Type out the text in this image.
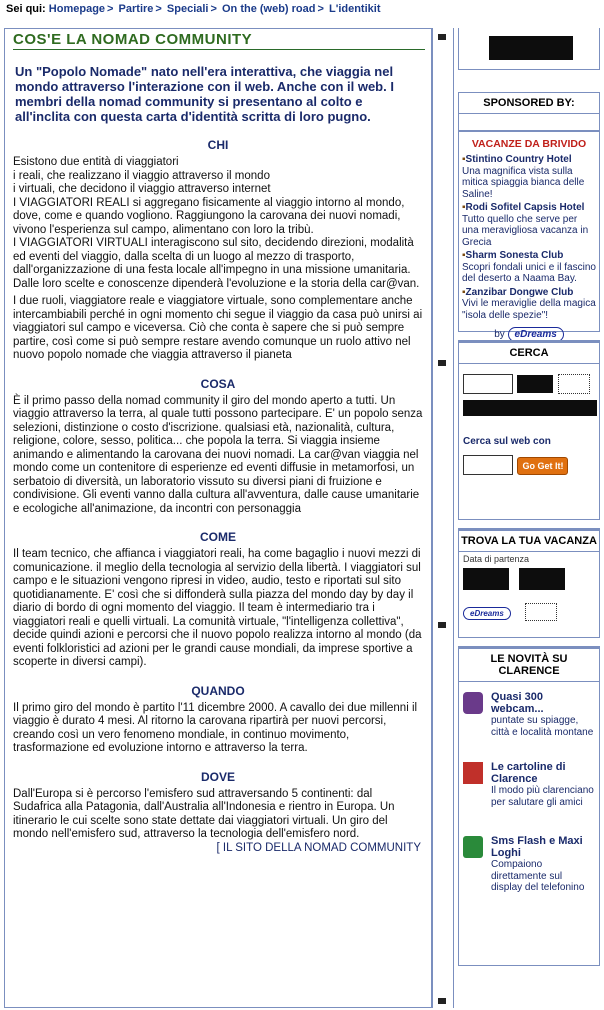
Sei qui: Homepage > Partire > Speciali > On the (web) road > L'identikit
COS'E LA NOMAD COMMUNITY
Un "Popolo Nomade" nato nell'era interattiva, che viaggia nel mondo attraverso l'interazione con il web. Anche con il web. I membri della nomad community si presentano al colto e all'inclita con questa carta d'identità scritta di loro pugno.
CHI

Esistono due entità di viaggiatori

i reali, che realizzano il viaggio attraverso il mondo

i virtuali, che decidono il viaggio attraverso internet

I VIAGGIATORI REALI si aggregano fisicamente al viaggio intorno al mondo, dove, come e quando vogliono. Raggiungono la carovana dei nuovi nomadi, vivono l'esperienza sul campo, alimentano con loro la tribù.

I VIAGGIATORI VIRTUALI interagiscono sul sito, decidendo direzioni, modalità ed eventi del viaggio, dalla scelta di un luogo al mezzo di trasporto, dall'organizzazione di una festa locale all'impegno in una missione umanitaria. Dalle loro scelte e conoscenze dipenderà l'evoluzione e la storia della car@van.

I due ruoli, viaggiatore reale e viaggiatore virtuale, sono complementare anche intercambiabili perché in ogni momento chi segue il viaggio da casa può unirsi ai viaggiatori sul campo e viceversa. Ciò che conta è sapere che si può sempre partire, così come si può sempre restare avendo comunque un ruolo attivo nel nuovo popolo nomade che viaggia attraverso il pianeta

COSA

È il primo passo della nomad community il giro del mondo aperto a tutti. Un viaggio attraverso la terra, al quale tutti possono partecipare. E' un popolo senza selezioni, distinzione o costo d'iscrizione. qualsiasi età, nazionalità, cultura, religione, colore, sesso, politica... che popola la terra. Si viaggia insieme animando e alimentando la carovana dei nuovi nomadi. La car@van viaggia nel mondo come un contenitore di esperienze ed eventi diffusie in metamorfosi, un serbatoio di diversità, un laboratorio vissuto su diversi piani di fruizione e condivisione. Gli eventi vanno dalla cultura all'avventura, dalle cause umanitarie e ecologiche all'animazione, da incontri con personaggia

COME

Il team tecnico, che affianca i viaggiatori reali, ha come bagaglio i nuovi mezzi di comunicazione. il meglio della tecnologia al servizio della libertà. I viaggiatori sul campo e le situazioni vengono ripresi in video, audio, testo e riportati sul sito quotidianamente. E' così che si diffonderà sulla piazza del mondo day by day il diario di bordo di ogni momento del viaggio. Il team è intermediario tra i viaggiatori reali e quelli virtuali. La comunità virtuale, "l'intelligenza collettiva", decide quindi azioni e percorsi che il nuovo popolo realizza intorno al mondo (da eventi folkloristici ad azioni per le grandi cause mondiali, da imprese sportive a scoperte in diversi campi).

QUANDO

Il primo giro del mondo è partito l'11 dicembre 2000. A cavallo dei due millenni il viaggio è durato 4 mesi. Al ritorno la carovana ripartirà per nuovi percorsi, creando così un vero fenomeno mondiale, in continuo movimento, trasformazione ed evoluzione intorno e attraverso la terra.

DOVE

Dall'Europa si è percorso l'emisfero sud attraversando 5 continenti: dal Sudafrica alla Patagonia, dall'Australia all'Indonesia e rientro in Europa. Un itinerario le cui scelte sono state dettate dai viaggiatori virtuali. Un giro del mondo nell'emisfero sud, attraverso la tecnologia dell'emisfero nord.

[ IL SITO DELLA NOMAD COMMUNITY
SPONSORED BY:
VACANZE DA BRIVIDO
▪Stintino Country Hotel
Una magnifica vista sulla mitica spiaggia bianca delle Saline!
▪Rodi Sofitel Capsis Hotel
Tutto quello che serve per una meravigliosa vacanza in Grecia
▪Sharm Sonesta Club
Scopri fondali unici e il fascino del deserto a Naama Bay.
▪Zanzibar Dongwe Club
Vivi le meraviglie della magica "isola delle spezie"!
by eDreams
CERCA

Cerca sul web con
Go Get It!
TROVA LA TUA VACANZA
Data di partenza

eDreams
LE NOVITÀ SU CLARENCE
Quasi 300 webcam...
puntate su spiagge, città e località montane
Le cartoline di Clarence
Il modo più clarenciano per salutare gli amici
Sms Flash e Maxi Loghi
Compaiono direttamente sul display del telefonino
